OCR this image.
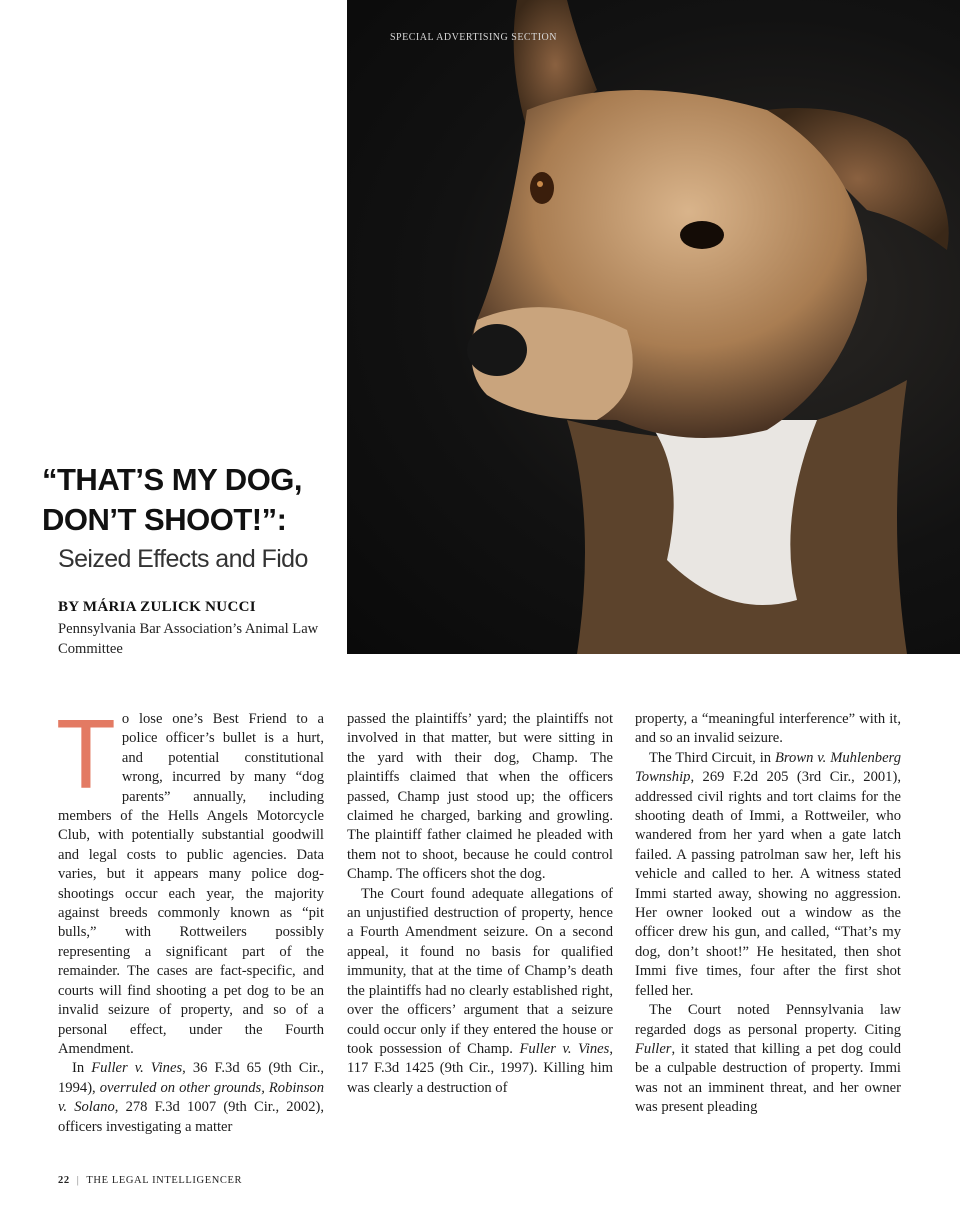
SPECIAL ADVERTISING SECTION
“THAT’S MY DOG,
DON’T SHOOT!”:
Seized Effects and Fido
BY MÁRIA ZULICK NUCCI
Pennsylvania Bar Association’s Animal Law Committee

To lose one’s Best Friend to a police officer’s bullet is a hurt, and potential constitutional wrong, incurred by many “dog parents” annually, including members of the Hells Angels Motorcycle Club, with potentially substantial goodwill and legal costs to public agencies. Data varies, but it appears many police dog-shootings occur each year, the majority against breeds commonly known as “pit bulls,” with Rottweilers possibly representing a significant part of the remainder. The cases are fact-specific, and courts will find shooting a pet dog to be an invalid seizure of property, and so of a personal effect, under the Fourth Amendment.

In Fuller v. Vines, 36 F.3d 65 (9th Cir., 1994), overruled on other grounds, Robinson v. Solano, 278 F.3d 1007 (9th Cir., 2002), officers investigating a matter

passed the plaintiffs’ yard; the plaintiffs not involved in that matter, but were sitting in the yard with their dog, Champ. The plaintiffs claimed that when the officers passed, Champ just stood up; the officers claimed he charged, barking and growling. The plaintiff father claimed he pleaded with them not to shoot, because he could control Champ. The officers shot the dog.

The Court found adequate allegations of an unjustified destruction of property, hence a Fourth Amendment seizure. On a second appeal, it found no basis for qualified immunity, that at the time of Champ’s death the plaintiffs had no clearly established right, over the officers’ argument that a seizure could occur only if they entered the house or took possession of Champ. Fuller v. Vines, 117 F.3d 1425 (9th Cir., 1997). Killing him was clearly a destruction of

property, a “meaningful interference” with it, and so an invalid seizure.

The Third Circuit, in Brown v. Muhlenberg Township, 269 F.2d 205 (3rd Cir., 2001), addressed civil rights and tort claims for the shooting death of Immi, a Rottweiler, who wandered from her yard when a gate latch failed. A passing patrolman saw her, left his vehicle and called to her. A witness stated Immi started away, showing no aggression. Her owner looked out a window as the officer drew his gun, and called, “That’s my dog, don’t shoot!” He hesitated, then shot Immi five times, four after the first shot felled her.

The Court noted Pennsylvania law regarded dogs as personal property. Citing Fuller, it stated that killing a pet dog could be a culpable destruction of property. Immi was not an imminent threat, and her owner was present pleading

22 | THE LEGAL INTELLIGENCER
